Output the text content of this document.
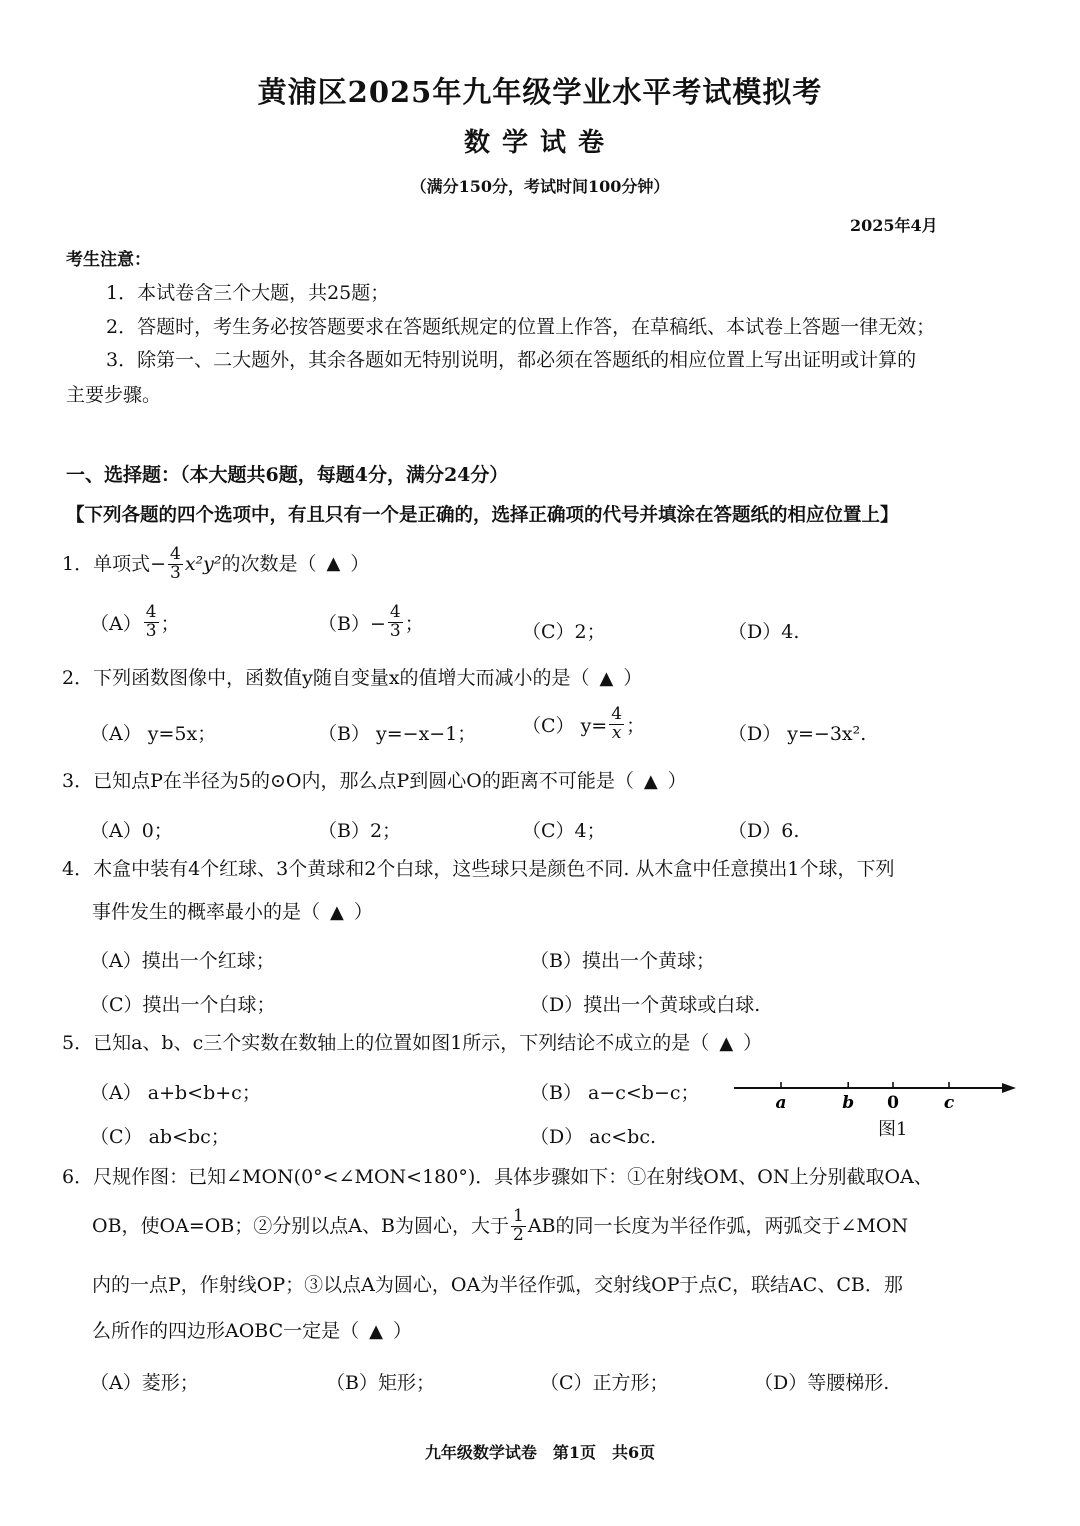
黄浦区2025年九年级学业水平考试模拟考
数学试卷
（满分150分，考试时间100分钟）
2025年4月
考生注意：
1．本试卷含三个大题，共25题；
2．答题时，考生务必按答题要求在答题纸规定的位置上作答，在草稿纸、本试卷上答题一律无效；
3．除第一、二大题外，其余各题如无特别说明，都必须在答题纸的相应位置上写出证明或计算的
主要步骤。
一、选择题：（本大题共6题，每题4分，满分24分）
【下列各题的四个选项中，有且只有一个是正确的，选择正确项的代号并填涂在答题纸的相应位置上】
1．单项式− $\frac{4}{3} x^2y^2$ 的次数是（ ▲ ）
$(A) \frac{4}{3}$ ；	$(B)- \frac{4}{3}$ ；	（C）2；	（D）4.
2．下列函数图像中，函数值y随自变量x的值增大而减小的是（ ▲ ）
（A） y=5x；	（B） y=−x−1； （C） $y= \frac{4}{x}$ ；	（D） y=−3x².
3．已知点P在半径为5的⊙O内，那么点P到圆心O的距离不可能是（ ▲ ）
（A）0；	（B）2；	（C）4；	（D）6.
4．木盒中装有4个红球、3个黄球和2个白球，这些球只是颜色不同. 从木盒中任意摸出1个球，下列
事件发生的概率最小的是（ ▲ ）
（A）摸出一个红球；	（B）摸出一个黄球；
（C）摸出一个白球；	（D）摸出一个黄球或白球.
5．已知a、b、c三个实数在数轴上的位置如图1所示，下列结论不成立的是（ ▲ ）
（A） a+b<b+c；	（B） a−c<b−c；
（C） ab<bc；	（D） ac<bc.
a	b 0	c
图1
6．尺规作图：已知∠MON(0°<∠MON<180°)．具体步骤如下：①在射线OM、ON上分别截取OA、
OB，使OA=OB；②分别以点A、B为圆心，大于 $\frac{1}{2}$ AB的同一长度为半径作弧，两弧交于∠MON
内的一点P，作射线OP；③以点A为圆心，OA为半径作弧，交射线OP于点C，联结AC、CB．那
么所作的四边形AOBC一定是（ ▲ ）
（A）菱形；	（B）矩形；	（C）正方形；	（D）等腰梯形.
九年级数学试卷　第1页　共6页
